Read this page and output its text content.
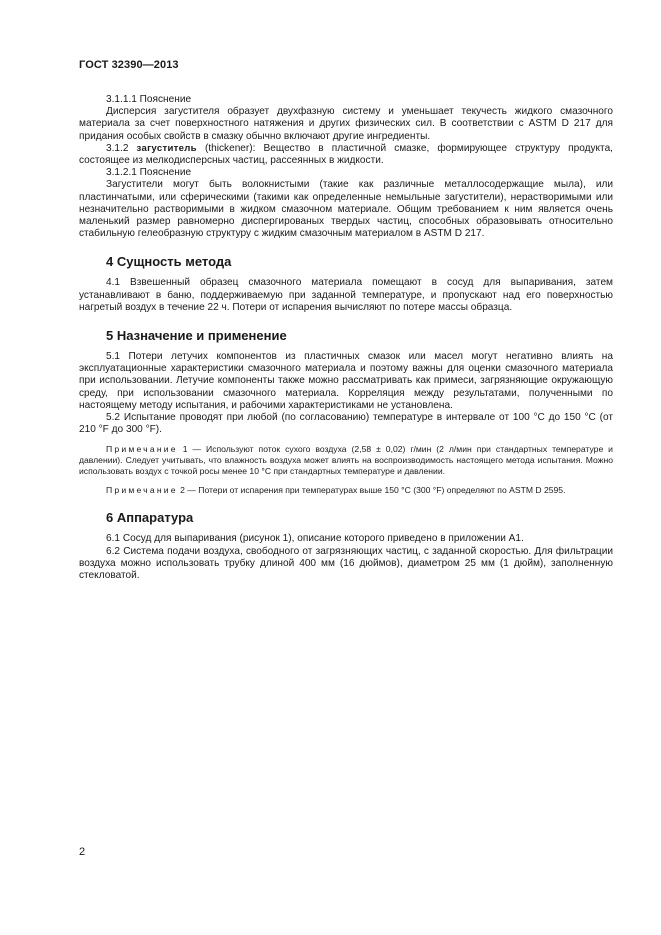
ГОСТ 32390—2013

3.1.1.1 Пояснение

Дисперсия загустителя образует двухфазную систему и уменьшает текучесть жидкого смазочного материала за счет поверхностного натяжения и других физических сил. В соответствии с ASTM D 217 для придания особых свойств в смазку обычно включают другие ингредиенты.

3.1.2 загуститель (thickener): Вещество в пластичной смазке, формирующее структуру продукта, состоящее из мелкодисперсных частиц, рассеянных в жидкости.

3.1.2.1 Пояснение

Загустители могут быть волокнистыми (такие как различные металлосодержащие мыла), или пластинчатыми, или сферическими (такими как определенные немыльные загустители), нерастворимыми или незначительно растворимыми в жидком смазочном материале. Общим требованием к ним является очень маленький размер равномерно диспергированых твердых частиц, способных образовывать относительно стабильную гелеобразную структуру с жидким смазочным материалом в ASTM D 217.

4 Сущность метода

4.1 Взвешенный образец смазочного материала помещают в сосуд для выпаривания, затем устанавливают в баню, поддерживаемую при заданной температуре, и пропускают над его поверхностью нагретый воздух в течение 22 ч. Потери от испарения вычисляют по потере массы образца.

5 Назначение и применение

5.1 Потери летучих компонентов из пластичных смазок или масел могут негативно влиять на эксплуатационные характеристики смазочного материала и поэтому важны для оценки смазочного материала при использовании. Летучие компоненты также можно рассматривать как примеси, загрязняющие окружающую среду, при использовании смазочного материала. Корреляция между результатами, полученными по настоящему методу испытания, и рабочими характеристиками не установлена.

5.2 Испытание проводят при любой (по согласованию) температуре в интервале от 100 °С до 150 °С (от 210 °F до 300 °F).

Примечание 1 — Используют поток сухого воздуха (2,58 ± 0,02) г/мин (2 л/мин при стандартных температуре и давлении). Следует учитывать, что влажность воздуха может влиять на воспроизводимость настоящего метода испытания. Можно использовать воздух с точкой росы менее 10 °С при стандартных температуре и давлении.

Примечание 2 — Потери от испарения при температурах выше 150 °С (300 °F) определяют по ASTM D 2595.

6 Аппаратура

6.1 Сосуд для выпаривания (рисунок 1), описание которого приведено в приложении А1.

6.2 Система подачи воздуха, свободного от загрязняющих частиц, с заданной скоростью. Для фильтрации воздуха можно использовать трубку длиной 400 мм (16 дюймов), диаметром 25 мм (1 дюйм), заполненную стекловатой.

2
